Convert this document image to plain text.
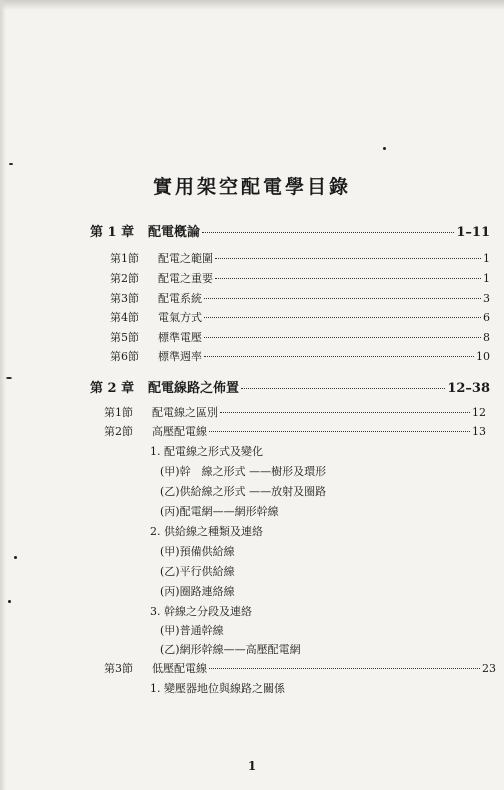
實用架空配電學目錄
第 1 章	配電槪論	1–11
第1節	配電之範圍	1
第2節	配電之重要	1
第3節	配電系統	3
第4節	電氣方式	6
第5節	標準電壓	8
第6節	標準週率	10
第 2 章	配電線路之佈置	12–38
第1節	配電線之區別	12
第2節	高壓配電線	13
1. 配電線之形式及變化
(甲)幹　線之形式 ——樹形及環形
(乙)供給線之形式 ——放射及圈路
(丙)配電網——網形幹線
2. 供給線之種類及連絡
(甲)預備供給線
(乙)平行供給線
(丙)圈路連絡線
3. 幹線之分段及連絡
(甲)普通幹線
(乙)網形幹線——高壓配電網
第3節	低壓配電線	23
1. 變壓器地位與線路之關係
1
